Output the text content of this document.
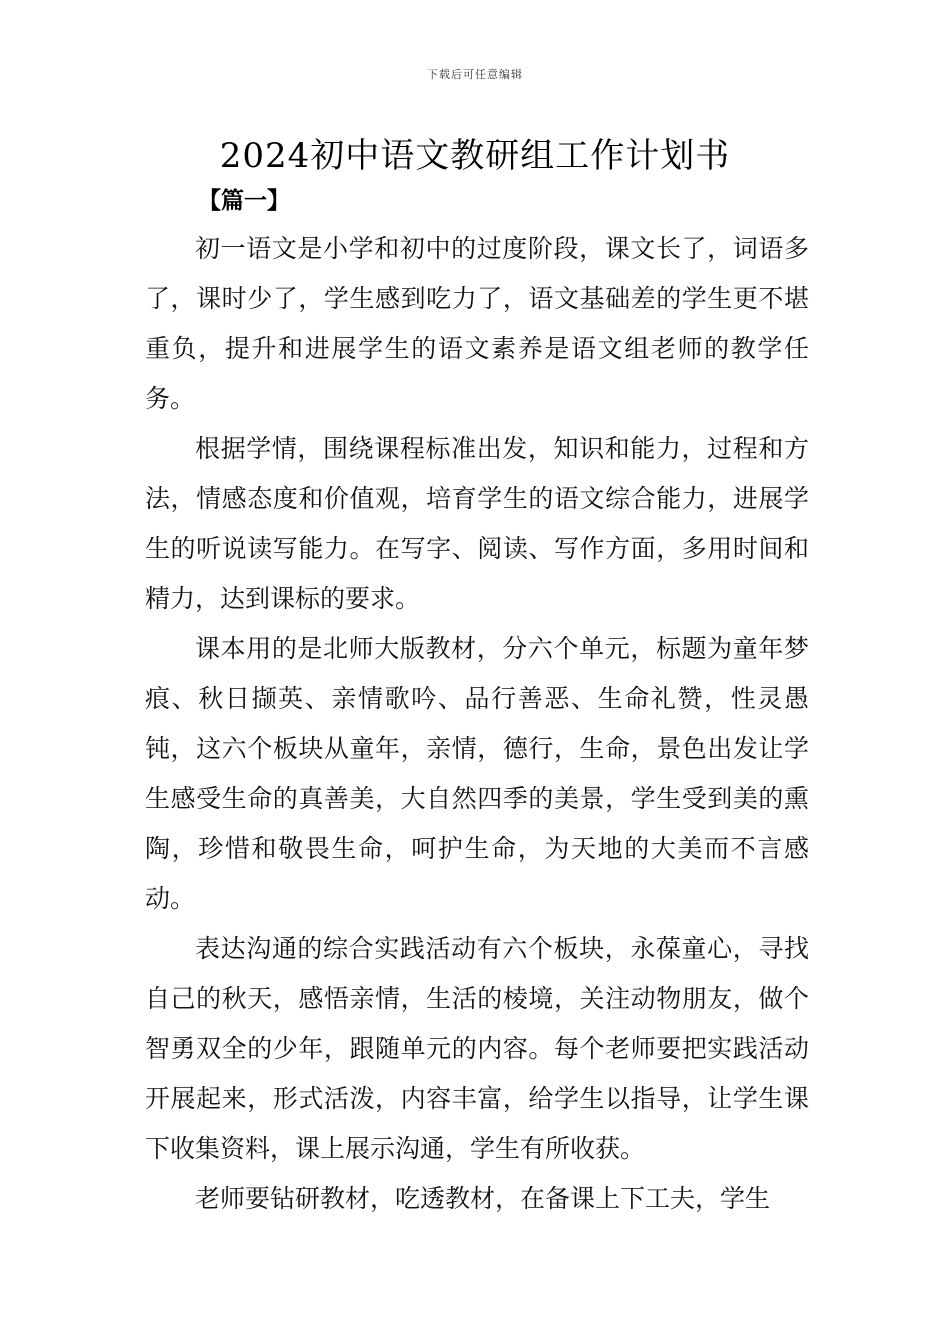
下载后可任意编辑
2024初中语文教研组工作计划书
【篇一】

初一语文是小学和初中的过度阶段，课文长了，词语多了，课时少了，学生感到吃力了，语文基础差的学生更不堪重负，提升和进展学生的语文素养是语文组老师的教学任务。

根据学情，围绕课程标准出发，知识和能力，过程和方法，情感态度和价值观，培育学生的语文综合能力，进展学生的听说读写能力。在写字、阅读、写作方面，多用时间和精力，达到课标的要求。

课本用的是北师大版教材，分六个单元，标题为童年梦痕、秋日撷英、亲情歌吟、品行善恶、生命礼赞，性灵愚钝，这六个板块从童年，亲情，德行，生命，景色出发让学生感受生命的真善美，大自然四季的美景，学生受到美的熏陶，珍惜和敬畏生命，呵护生命，为天地的大美而不言感动。

表达沟通的综合实践活动有六个板块，永葆童心，寻找自己的秋天，感悟亲情，生活的棱境，关注动物朋友，做个智勇双全的少年，跟随单元的内容。每个老师要把实践活动开展起来，形式活泼，内容丰富，给学生以指导，让学生课下收集资料，课上展示沟通，学生有所收获。

老师要钻研教材，吃透教材，在备课上下工夫，学生
